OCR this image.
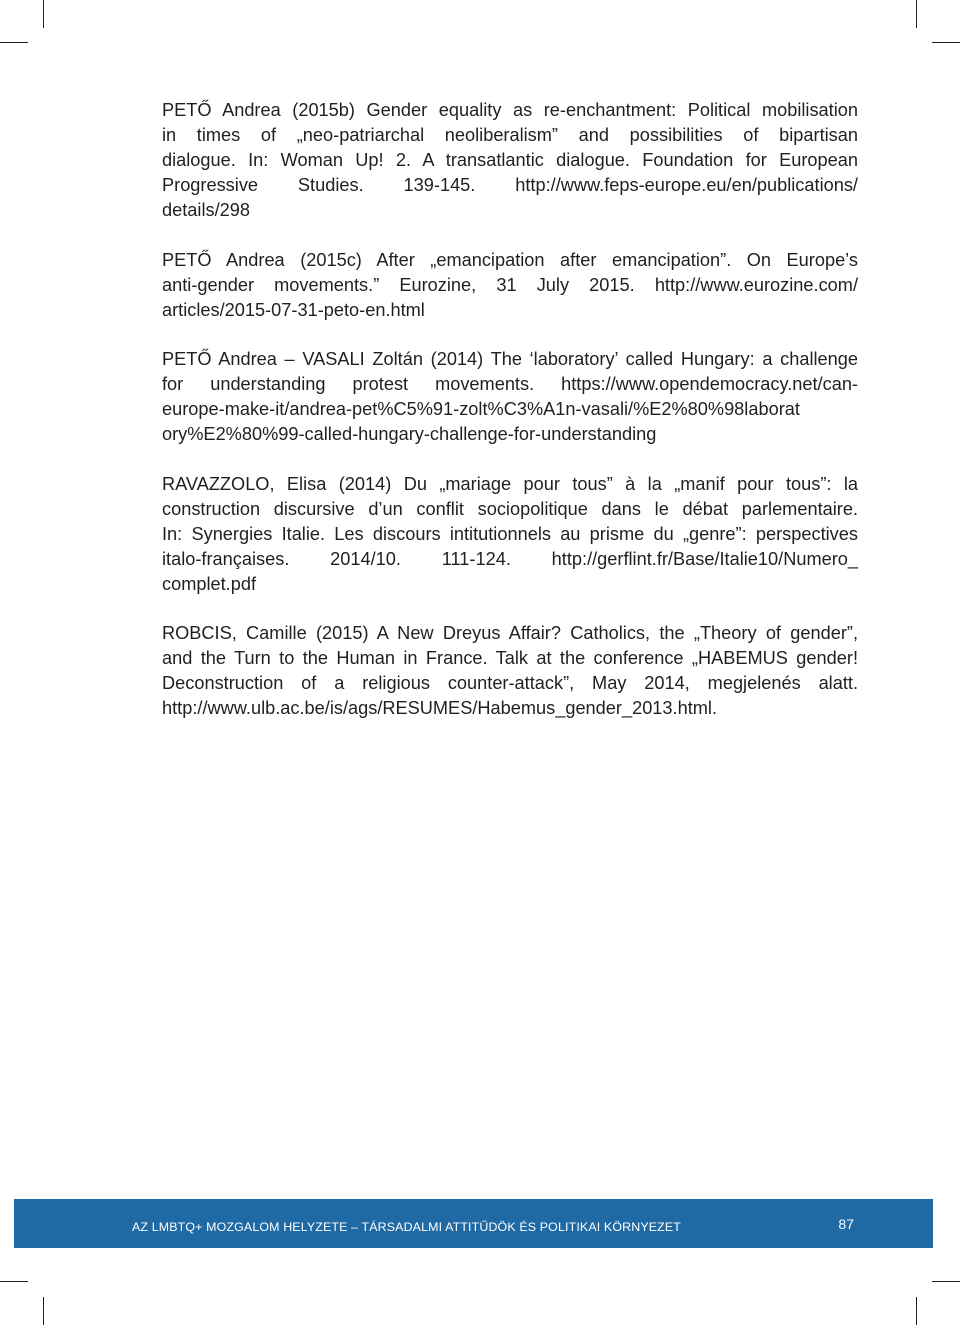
PETŐ Andrea (2015b) Gender equality as re-enchantment: Political mobilisation
in times of „neo-patriarchal neoliberalism” and possibilities of bipartisan
dialogue. In: Woman Up! 2. A transatlantic dialogue. Foundation for European
Progressive Studies. 139-145. http://www.feps-europe.eu/en/publications/
details/298
PETŐ Andrea (2015c) After „emancipation after emancipation”. On Europe’s
anti-gender movements.” Eurozine, 31 July 2015. http://www.eurozine.com/
articles/2015-07-31-peto-en.html
PETŐ Andrea – VASALI Zoltán (2014) The ‘laboratory’ called Hungary: a challenge
for understanding protest movements. https://www.opendemocracy.net/can-
europe-make-it/andrea-pet%C5%91-zolt%C3%A1n-vasali/%E2%80%98laborat
ory%E2%80%99-called-hungary-challenge-for-understanding
RAVAZZOLO, Elisa (2014) Du „mariage pour tous” à la „manif pour tous”: la
construction discursive d’un conflit sociopolitique dans le débat parlementaire.
In: Synergies Italie. Les discours intitutionnels au prisme du „genre”: perspectives
italo-françaises. 2014/10. 111-124. http://gerflint.fr/Base/Italie10/Numero_
complet.pdf
ROBCIS, Camille (2015) A New Dreyus Affair? Catholics, the „Theory of gender”,
and the Turn to the Human in France. Talk at the conference „HABEMUS gender!
Deconstruction of a religious counter-attack”, May 2014, megjelenés alatt.
http://www.ulb.ac.be/is/ags/RESUMES/Habemus_gender_2013.html.
AZ LMBTQ+ MOZGALOM HELYZETE – TÁRSADALMI ATTITŰDÖK ÉS POLITIKAI KÖRNYEZET	87
